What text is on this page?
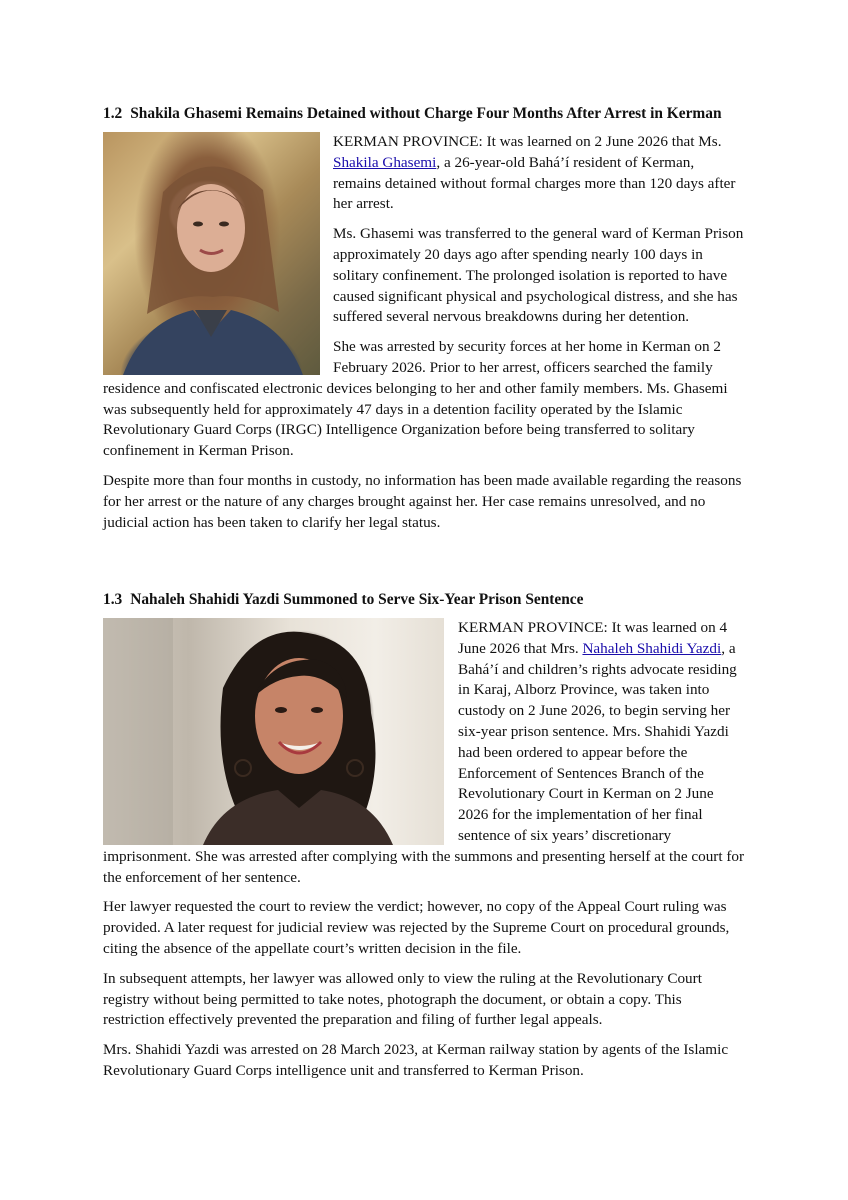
1.2 Shakila Ghasemi Remains Detained without Charge Four Months After Arrest in Kerman

KERMAN PROVINCE: It was learned on 2 June 2026 that Ms. Shakila Ghasemi, a 26-year-old Bahá’í resident of Kerman, remains detained without formal charges more than 120 days after her arrest.

Ms. Ghasemi was transferred to the general ward of Kerman Prison approximately 20 days ago after spending nearly 100 days in solitary confinement. The prolonged isolation is reported to have caused significant physical and psychological distress, and she has suffered several nervous breakdowns during her detention.

She was arrested by security forces at her home in Kerman on 2 February 2026. Prior to her arrest, officers searched the family residence and confiscated electronic devices belonging to her and other family members. Ms. Ghasemi was subsequently held for approximately 47 days in a detention facility operated by the Islamic Revolutionary Guard Corps (IRGC) Intelligence Organization before being transferred to solitary confinement in Kerman Prison.

Despite more than four months in custody, no information has been made available regarding the reasons for her arrest or the nature of any charges brought against her. Her case remains unresolved, and no judicial action has been taken to clarify her legal status.

1.3 Nahaleh Shahidi Yazdi Summoned to Serve Six-Year Prison Sentence

KERMAN PROVINCE: It was learned on 4 June 2026 that Mrs. Nahaleh Shahidi Yazdi, a Bahá’í and children’s rights advocate residing in Karaj, Alborz Province, was taken into custody on 2 June 2026, to begin serving her six-year prison sentence. Mrs. Shahidi Yazdi had been ordered to appear before the Enforcement of Sentences Branch of the Revolutionary Court in Kerman on 2 June 2026 for the implementation of her final sentence of six years’ discretionary imprisonment. She was arrested after complying with the summons and presenting herself at the court for the enforcement of her sentence.

Her lawyer requested the court to review the verdict; however, no copy of the Appeal Court ruling was provided. A later request for judicial review was rejected by the Supreme Court on procedural grounds, citing the absence of the appellate court’s written decision in the file.

In subsequent attempts, her lawyer was allowed only to view the ruling at the Revolutionary Court registry without being permitted to take notes, photograph the document, or obtain a copy. This restriction effectively prevented the preparation and filing of further legal appeals.

Mrs. Shahidi Yazdi was arrested on 28 March 2023, at Kerman railway station by agents of the Islamic Revolutionary Guard Corps intelligence unit and transferred to Kerman Prison.
